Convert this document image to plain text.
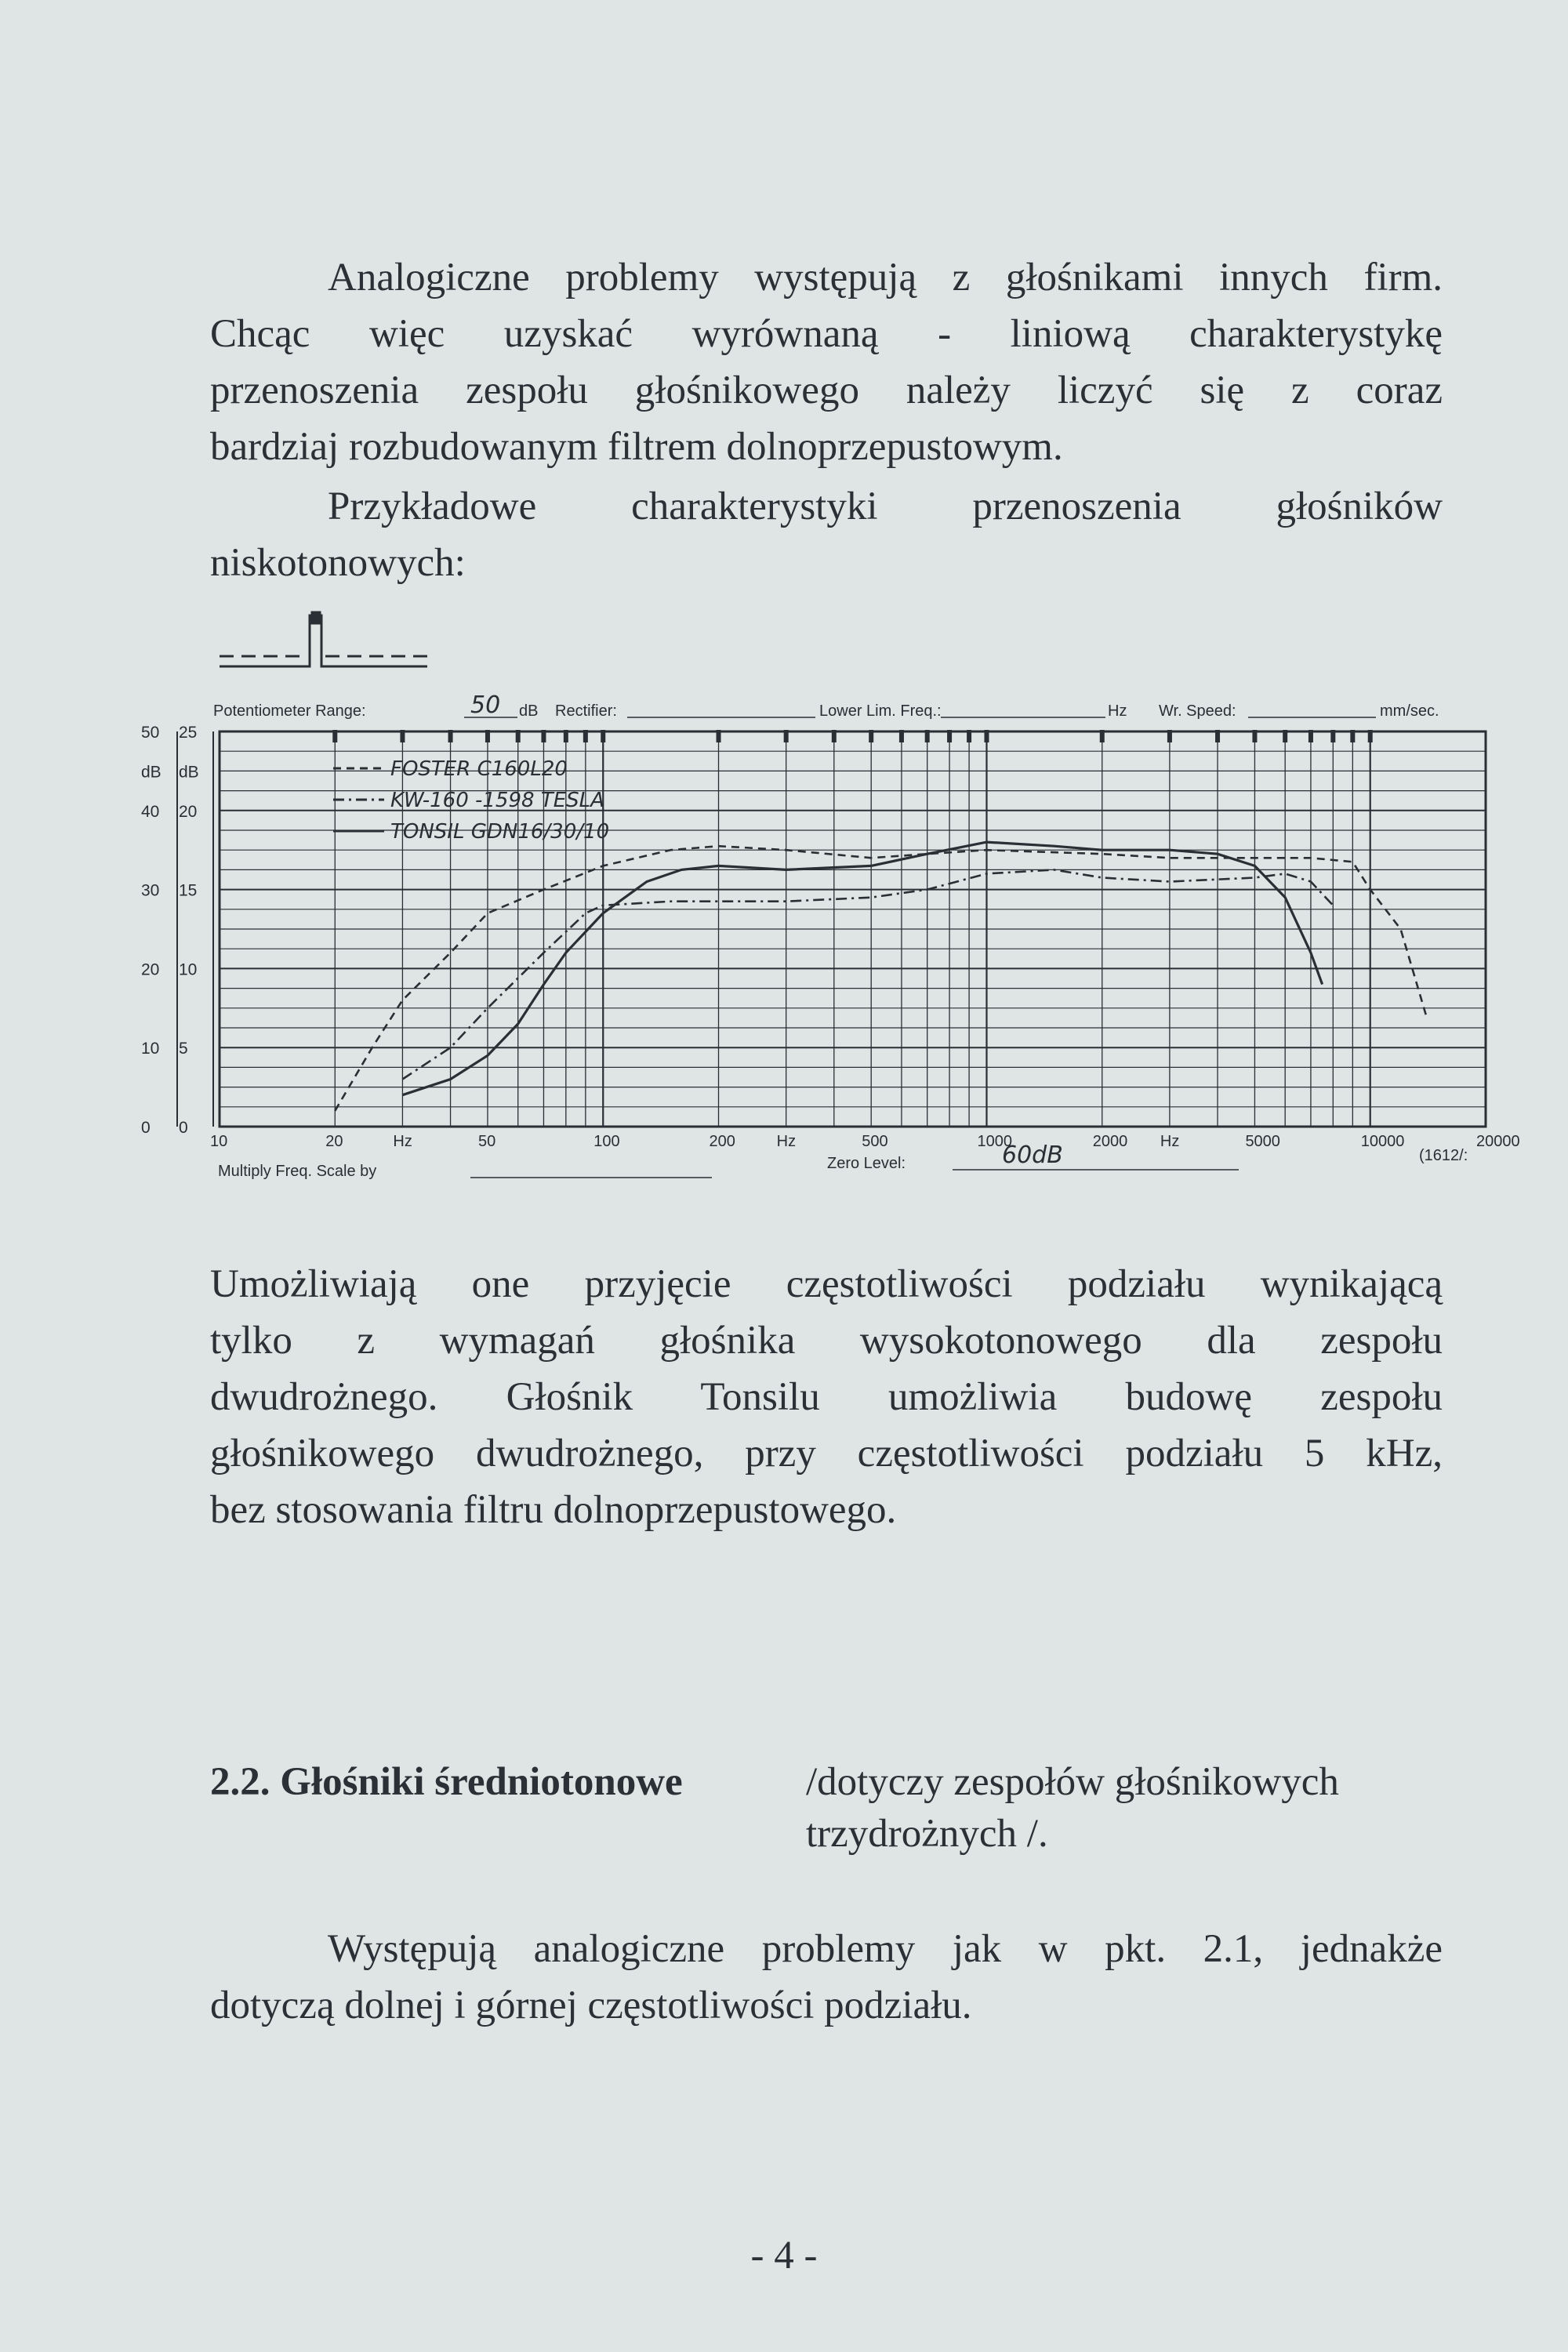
Analogiczne problemy występują z głośnikami innych firm.
Chcąc więc uzyskać wyrównaną - liniową charakterystykę
przenoszenia zespołu głośnikowego należy liczyć się z coraz
bardziaj rozbudowanym filtrem dolnoprzepustowym.

Przykładowe charakterystyki przenoszenia głośników
niskotonowych:

Potentiometer Range:	50 dB Rectifier:	Lower Lim. Freq.:	Hz Wr. Speed:	mm/sec.
50
40
30
20
10
0
25
20
15
10
5
0
dB dB
10	20	Hz	50	100	200	Hz	500	1000	2000 Hz	5000	10000	20000
FOSTER C160L20
KW-160 -1598 TESLA
TONSIL GDN16/30/10
Multiply Freq. Scale by	Zero Level:	60dB	(1612/:

Umożliwiają one przyjęcie częstotliwości podziału wynikającą
tylko z wymagań głośnika wysokotonowego dla zespołu
dwudrożnego. Głośnik Tonsilu umożliwia budowę zespołu
głośnikowego dwudrożnego, przy częstotliwości podziału 5 kHz,
bez stosowania filtru dolnoprzepustowego.

2.2. Głośniki średniotonowe	/dotyczy zespołów głośnikowych
trzydrożnych /.

Występują analogiczne problemy jak w pkt. 2.1, jednakże
dotyczą dolnej i górnej częstotliwości podziału.

- 4 -
